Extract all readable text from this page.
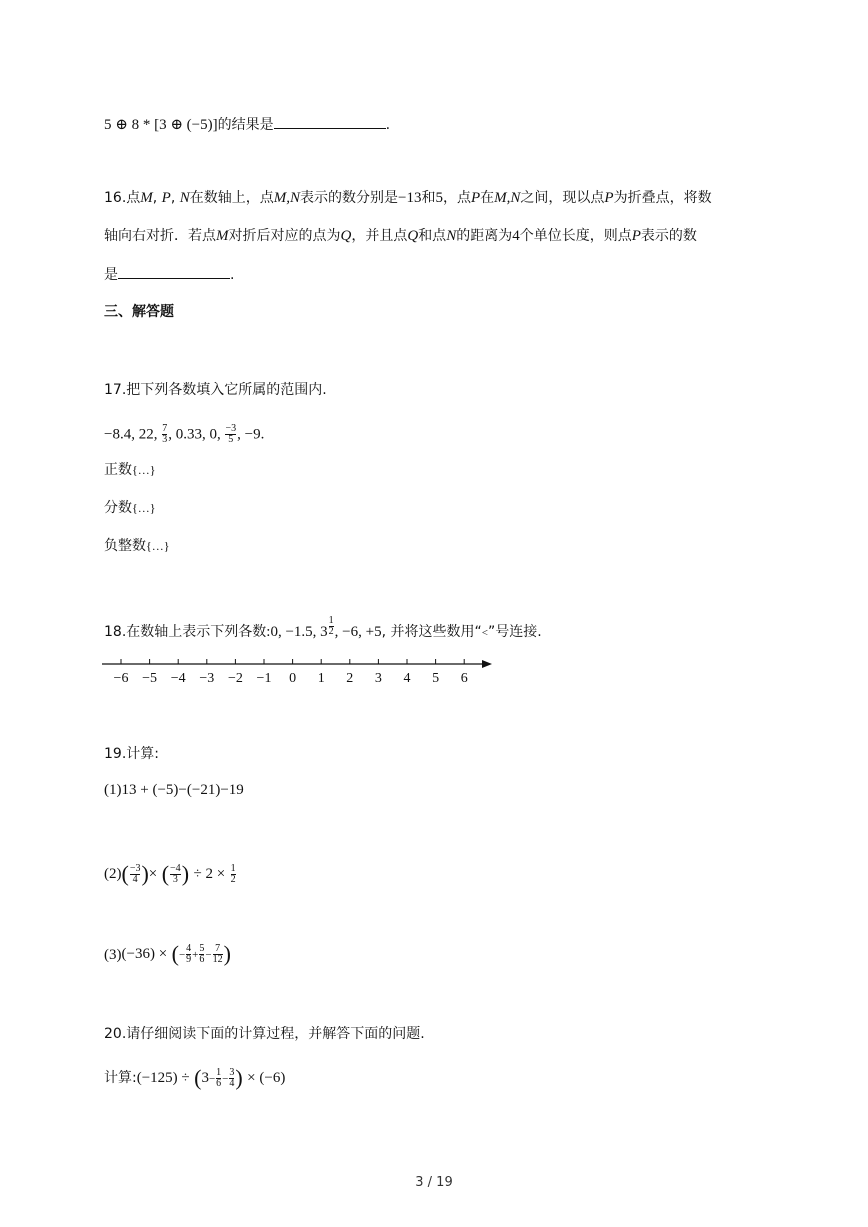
5 ⊕ 8 * [3 ⊕ (−5)]的结果是	.
16.点M, P, N在数轴上，点M,N表示的数分别是−13和5，点P在M,N之间，现以点P为折叠点，将数
轴向右对折．若点M对折后对应的点为Q，并且点Q和点N的距离为4个单位长度，则点P表示的数
是	.
三、解答题
17.把下列各数填入它所属的范围内.
−8.4, 22, $\frac{7}{3}$ , 0.33, 0, $\frac{-3}{5}$ , −9.
正数{…}
分数{…}
负整数{…}
18.在数轴上表示下列各数:0, −1.5, $3 \frac{1}{2}$ , −6, +5, 并将这些数用“<”号连接.
−6 −5 −4 −3 −2 −1 0 1 2 3 4 5 6
19.计算:
(1)13 + (−5)−(−21)−19
$(2)( \frac{-3}{4}$ )× ( $\frac{-4}{3}$ ) ÷ $2 \times \frac{1}{2}$
(3)(−36) × (− $\frac{4}{9} + \frac{5}{6} - \frac{7}{12}$ )
20.请仔细阅读下面的计算过程，并解答下面的问题.
计算:(−125) ÷ ($3- \frac{1}{6} - \frac{3}{4}$ ) × (−6)
3 / 19
